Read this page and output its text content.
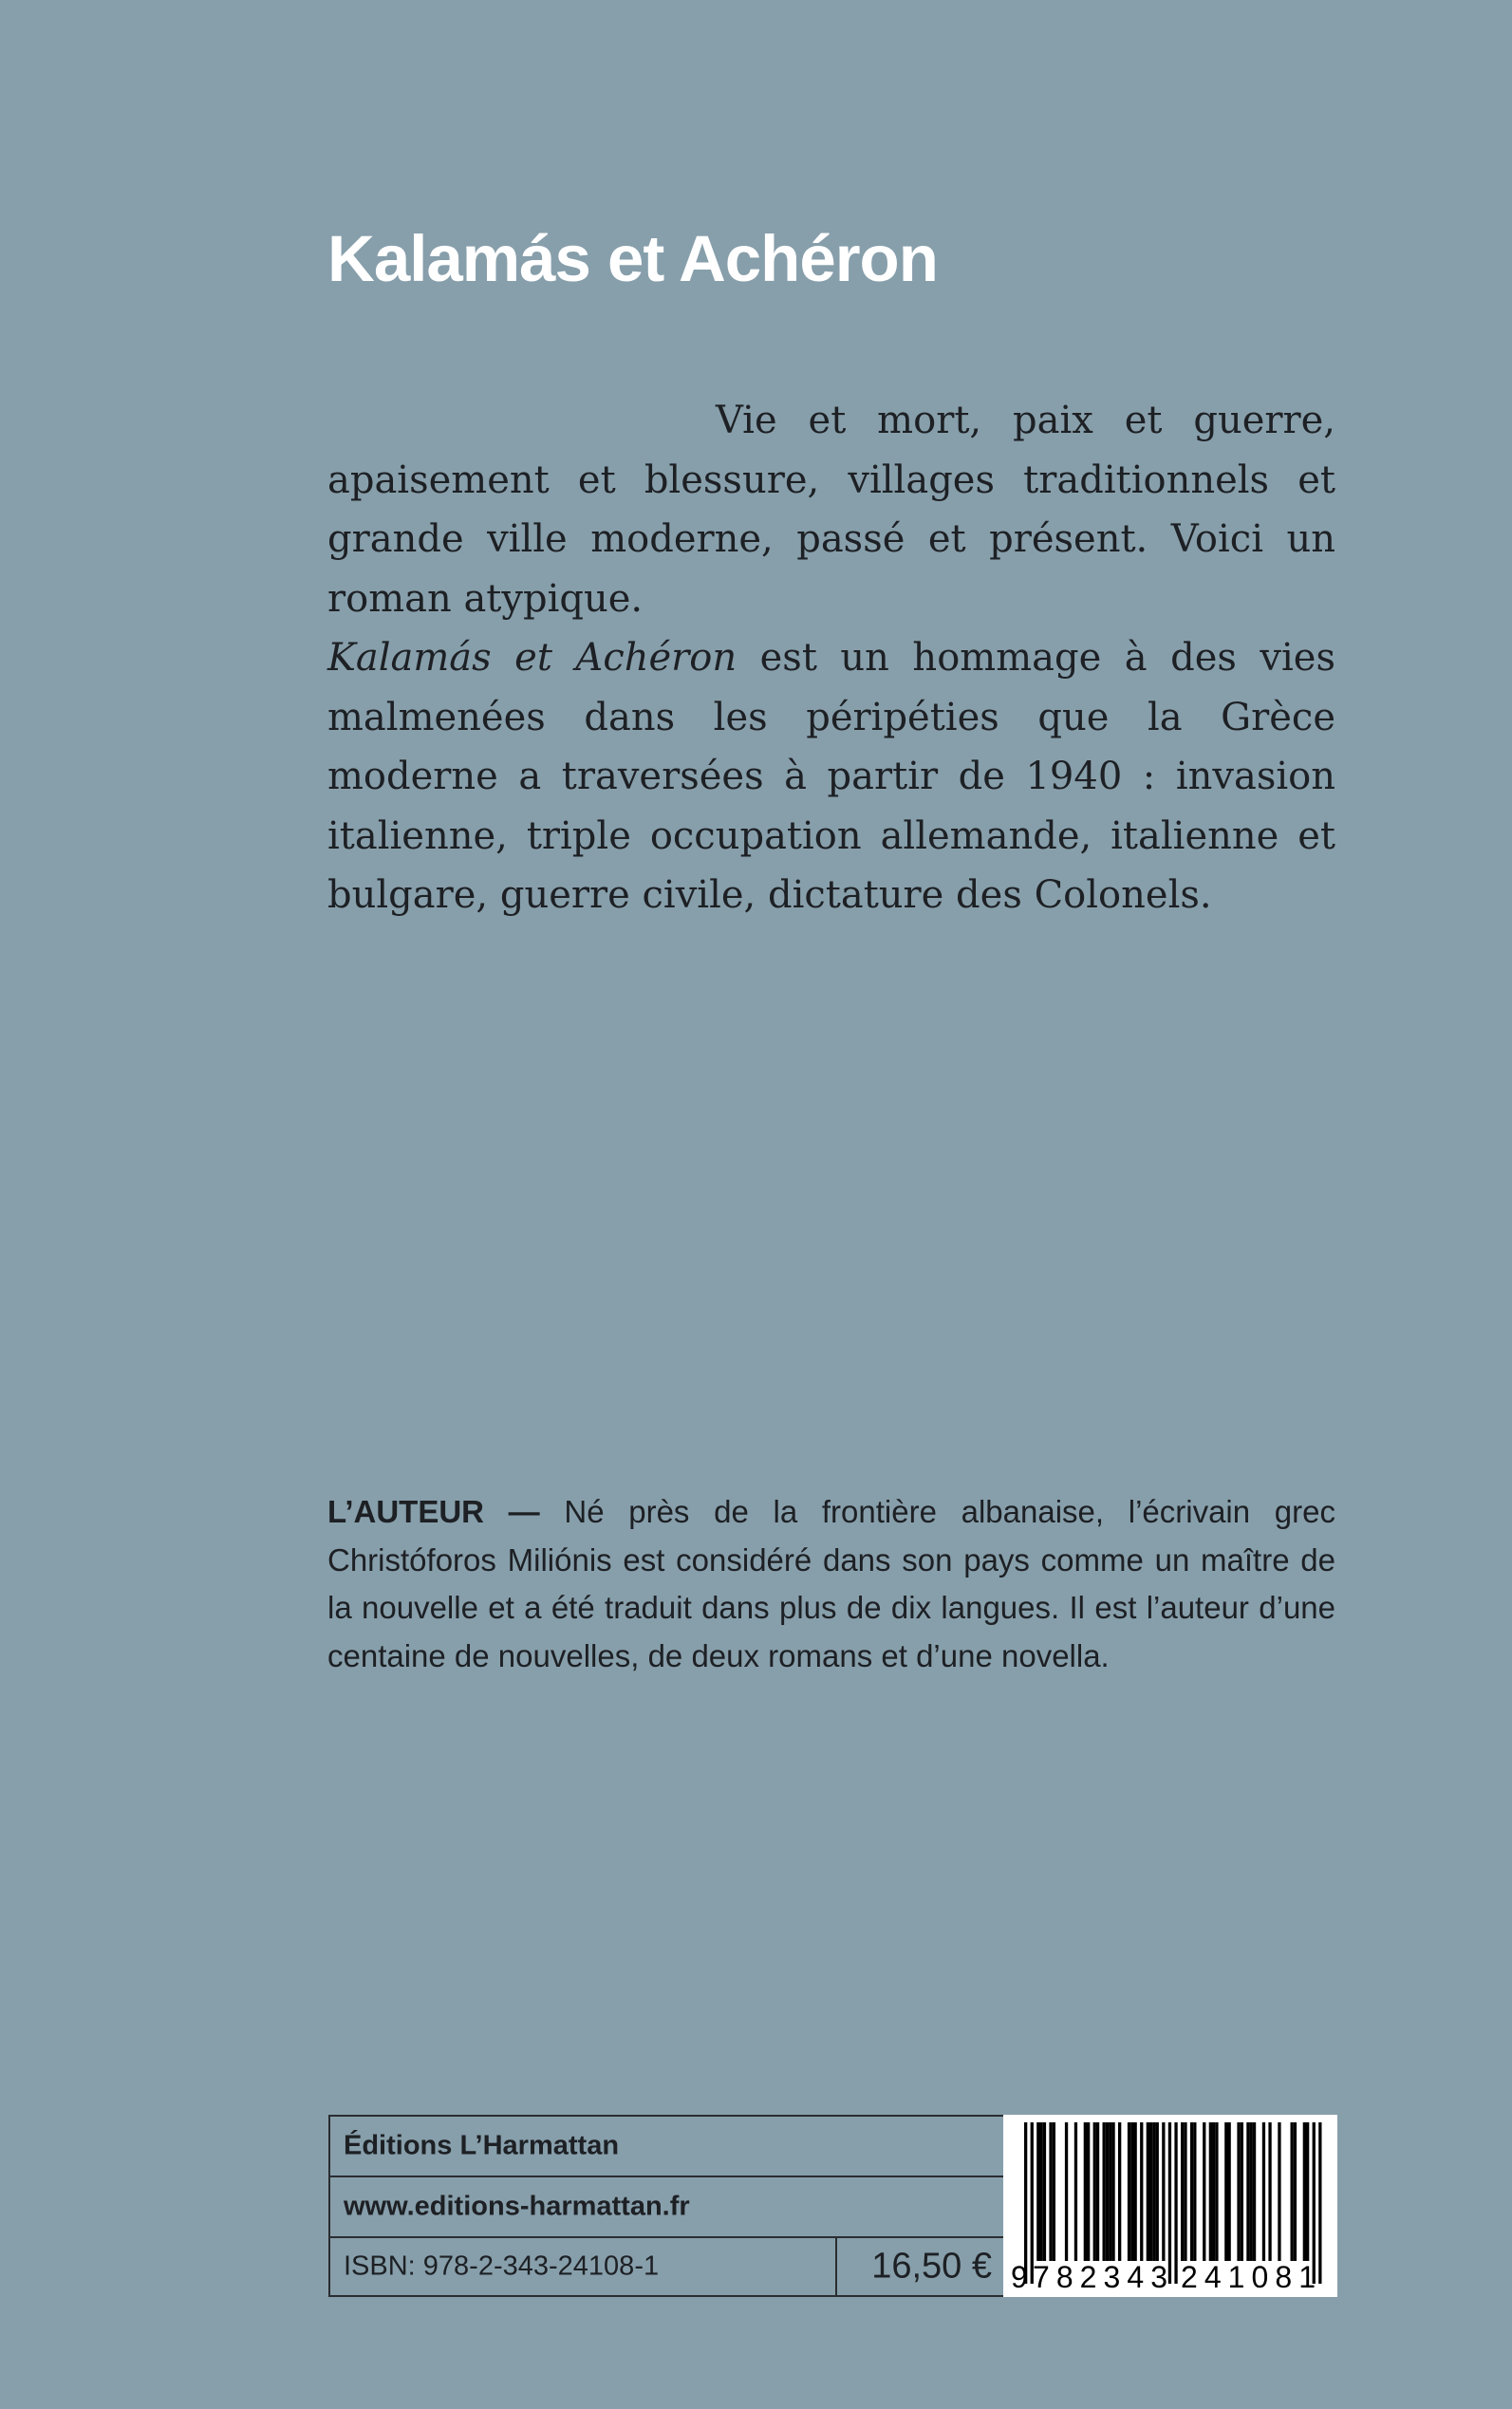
Kalamás et Achéron

Vie et mort, paix et guerre, apaisement et blessure, villages traditionnels et grande ville moderne, passé et présent. Voici un roman atypique.

Kalamás et Achéron est un hommage à des vies malmenées dans les péripéties que la Grèce moderne a traversées à partir de 1940 : invasion italienne, triple occupation allemande, italienne et bulgare, guerre civile, dictature des Colonels.

L’AUTEUR — Né près de la frontière albanaise, l’écrivain grec Christóforos Miliónis est considéré dans son pays comme un maître de la nouvelle et a été traduit dans plus de dix langues. Il est l’auteur d’une centaine de nouvelles, de deux romans et d’une novella.

Éditions L’Harmattan
www.editions-harmattan.fr
ISBN: 978-2-343-24108-1	16,50 € 9 782343 241081
